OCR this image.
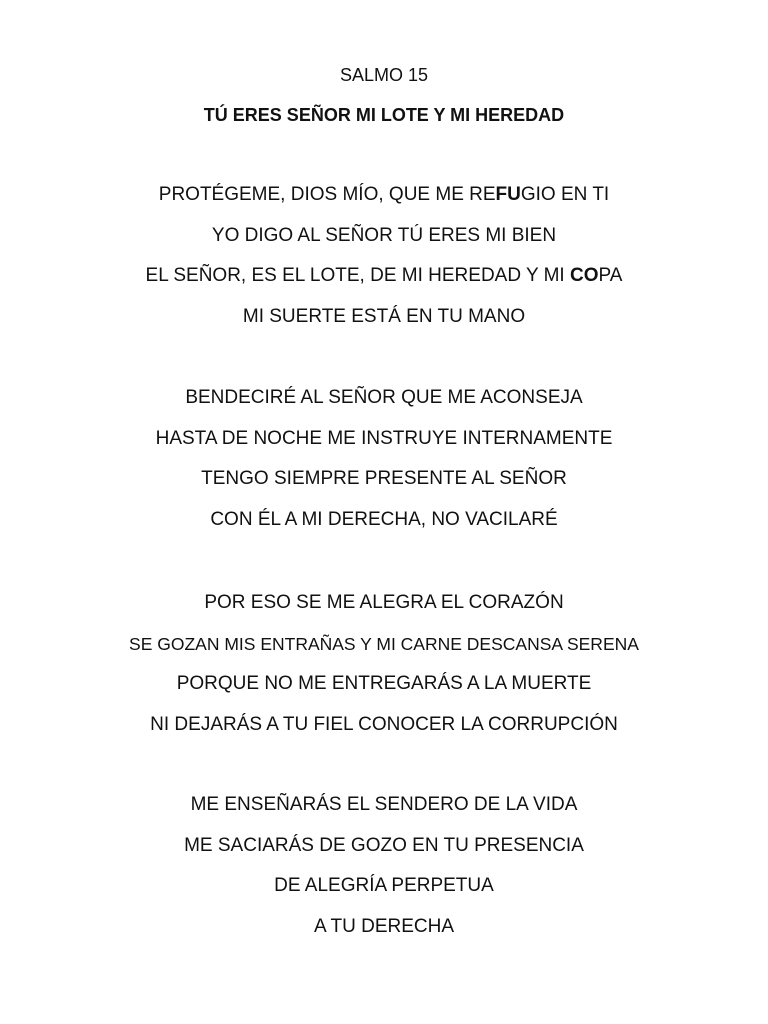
SALMO 15
TÚ ERES SEÑOR MI LOTE Y MI HEREDAD
PROTÉGEME, DIOS MÍO, QUE ME REFUGIO EN TI
YO DIGO AL SEÑOR TÚ ERES MI BIEN
EL SEÑOR, ES EL LOTE, DE MI HEREDAD Y MI COPA
MI SUERTE ESTÁ EN TU MANO
BENDECIRÉ AL SEÑOR QUE ME ACONSEJA
HASTA DE NOCHE ME INSTRUYE INTERNAMENTE
TENGO SIEMPRE PRESENTE AL SEÑOR
CON ÉL A MI DERECHA, NO VACILARÉ
POR ESO SE ME ALEGRA EL CORAZÓN
SE GOZAN MIS ENTRAÑAS Y MI CARNE DESCANSA SERENA
PORQUE NO ME ENTREGARÁS A LA MUERTE
NI DEJARÁS A TU FIEL CONOCER LA CORRUPCIÓN
ME ENSEÑARÁS EL SENDERO DE LA VIDA
ME SACIARÁS DE GOZO EN TU PRESENCIA
DE ALEGRÍA PERPETUA
A TU DERECHA
